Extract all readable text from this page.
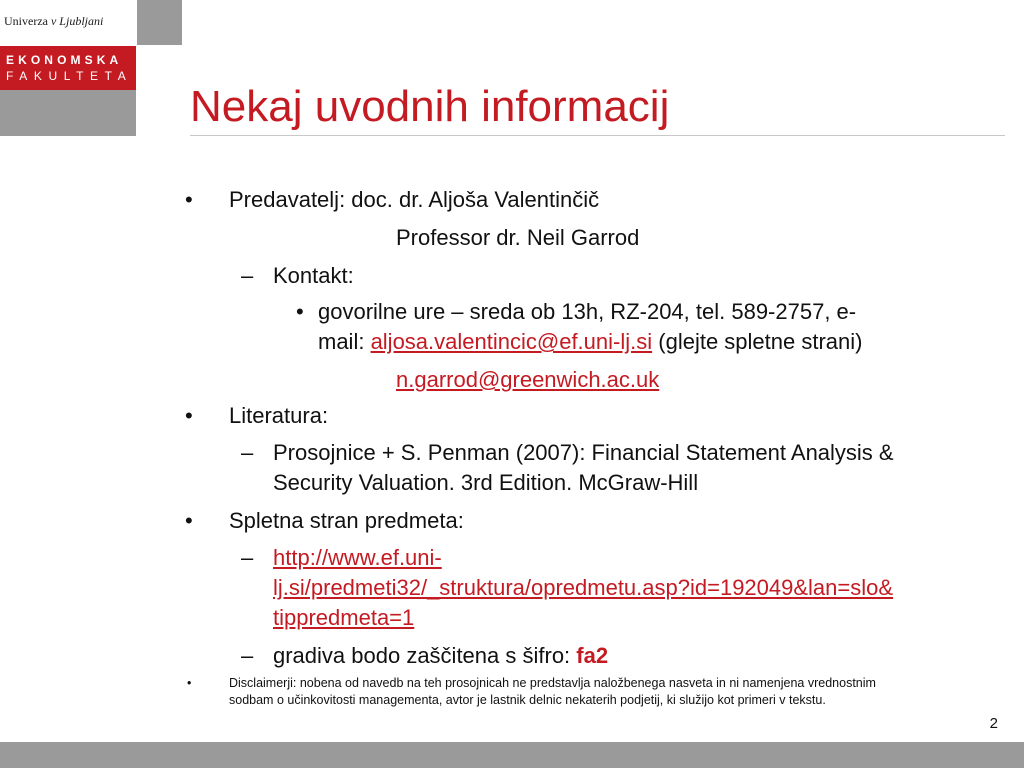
Univerza v Ljubljani
EKONOMSKA
FAKULTETA
Nekaj uvodnih informacij
• Predavatelj: doc. dr. Aljoša Valentinčič
Professor dr. Neil Garrod
– Kontakt:
• govorilne ure – sreda ob 13h, RZ-204, tel. 589-2757, e-
mail: aljosa.valentincic@ef.uni-lj.si (glejte spletne strani)
n.garrod@greenwich.ac.uk
• Literatura:
– Prosojnice + S. Penman (2007): Financial Statement Analysis &
Security Valuation. 3rd Edition. McGraw-Hill
• Spletna stran predmeta:
– http://www.ef.uni-
lj.si/predmeti32/_struktura/opredmetu.asp?id=192049&lan=slo&
tippredmeta=1
– gradiva bodo zaščitena s šifro: fa2
•	Disclaimerji: nobena od navedb na teh prosojnicah ne predstavlja naložbenega nasveta in ni namenjena vrednostnim
sodbam o učinkovitosti managementa, avtor je lastnik delnic nekaterih podjetij, ki služijo kot primeri v tekstu.
2
